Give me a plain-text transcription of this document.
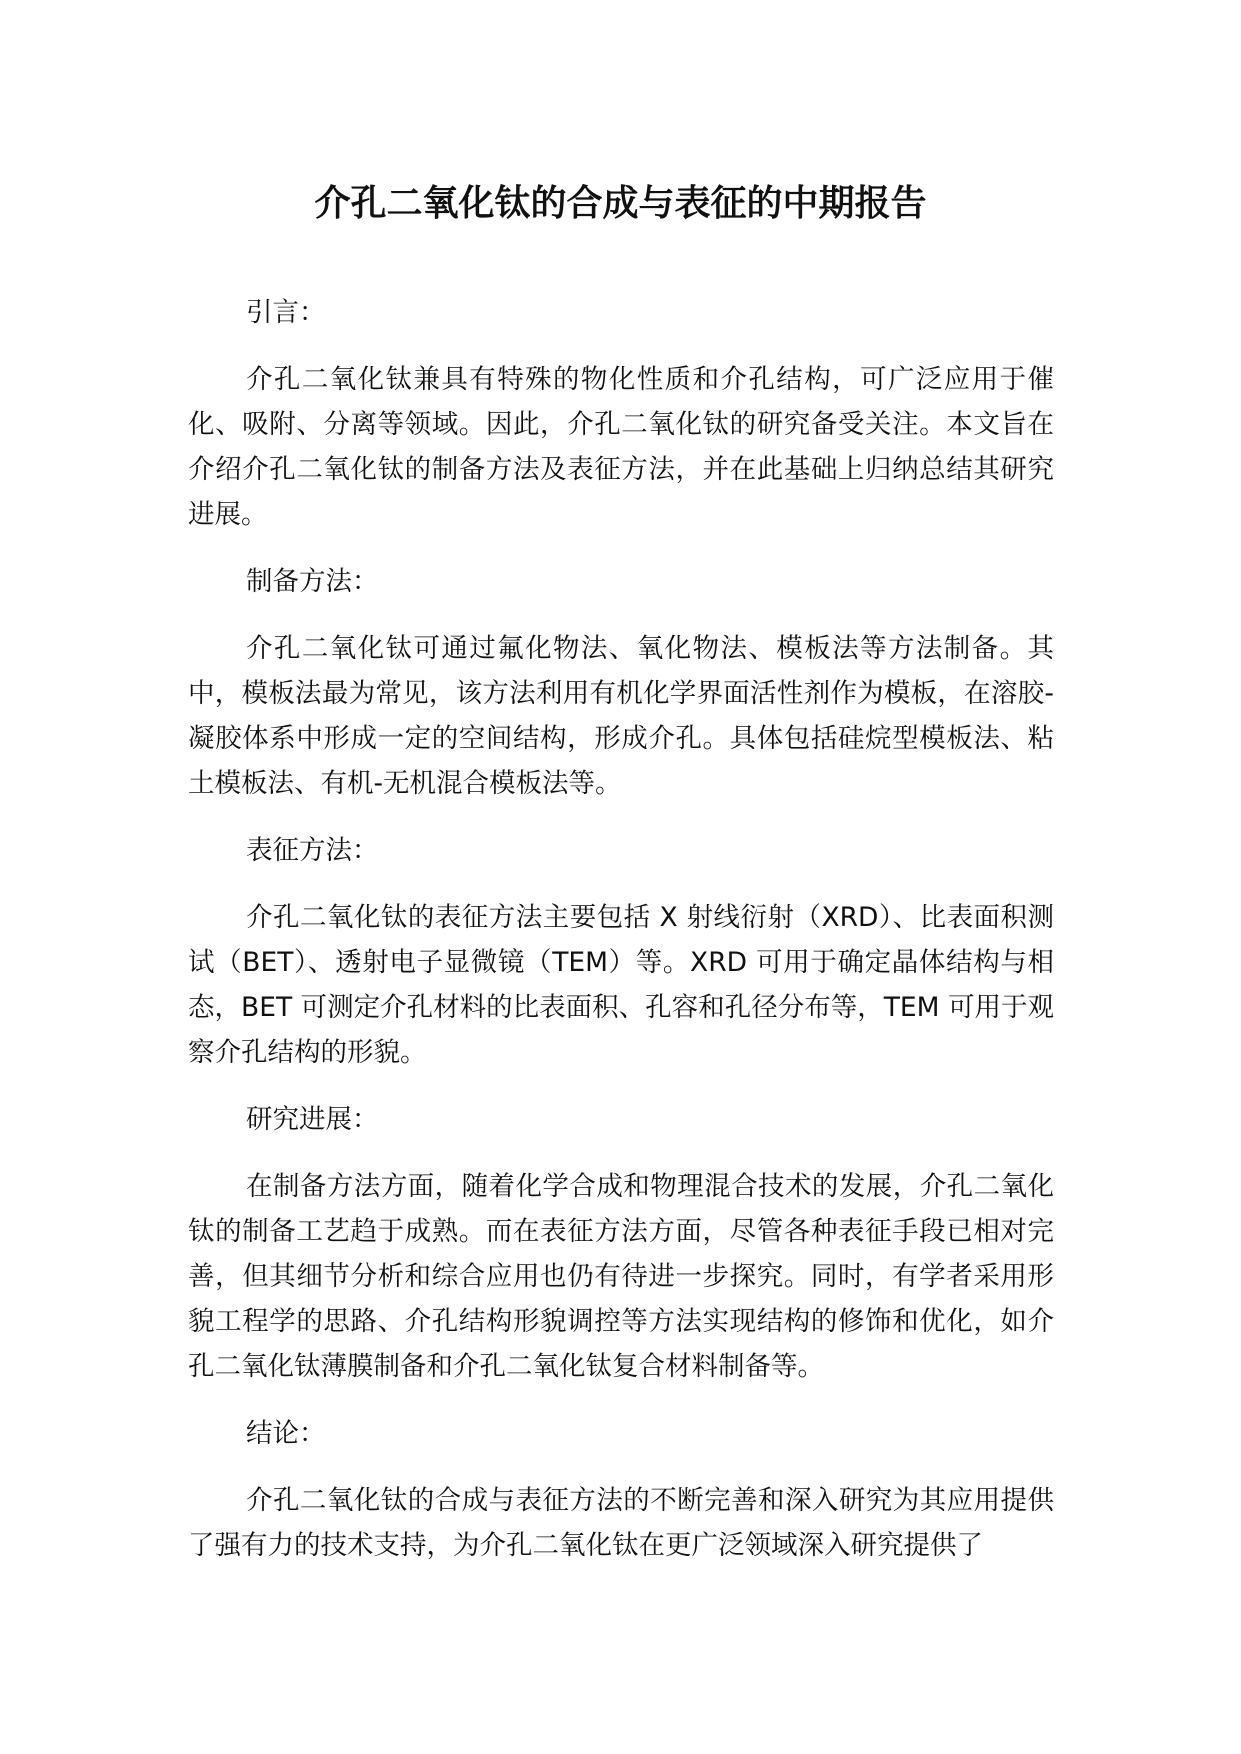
介孔二氧化钛的合成与表征的中期报告
引言：
介孔二氧化钛兼具有特殊的物化性质和介孔结构，可广泛应用于催化、吸附、分离等领域。因此，介孔二氧化钛的研究备受关注。本文旨在介绍介孔二氧化钛的制备方法及表征方法，并在此基础上归纳总结其研究进展。
制备方法：
介孔二氧化钛可通过氟化物法、氧化物法、模板法等方法制备。其中，模板法最为常见，该方法利用有机化学界面活性剂作为模板，在溶胶-凝胶体系中形成一定的空间结构，形成介孔。具体包括硅烷型模板法、粘土模板法、有机-无机混合模板法等。
表征方法：
介孔二氧化钛的表征方法主要包括 X 射线衍射（XRD）、比表面积测试（BET）、透射电子显微镜（TEM）等。XRD 可用于确定晶体结构与相态，BET 可测定介孔材料的比表面积、孔容和孔径分布等，TEM 可用于观察介孔结构的形貌。
研究进展：
在制备方法方面，随着化学合成和物理混合技术的发展，介孔二氧化钛的制备工艺趋于成熟。而在表征方法方面，尽管各种表征手段已相对完善，但其细节分析和综合应用也仍有待进一步探究。同时，有学者采用形貌工程学的思路、介孔结构形貌调控等方法实现结构的修饰和优化，如介孔二氧化钛薄膜制备和介孔二氧化钛复合材料制备等。
结论：
介孔二氧化钛的合成与表征方法的不断完善和深入研究为其应用提供了强有力的技术支持，为介孔二氧化钛在更广泛领域深入研究提供了
